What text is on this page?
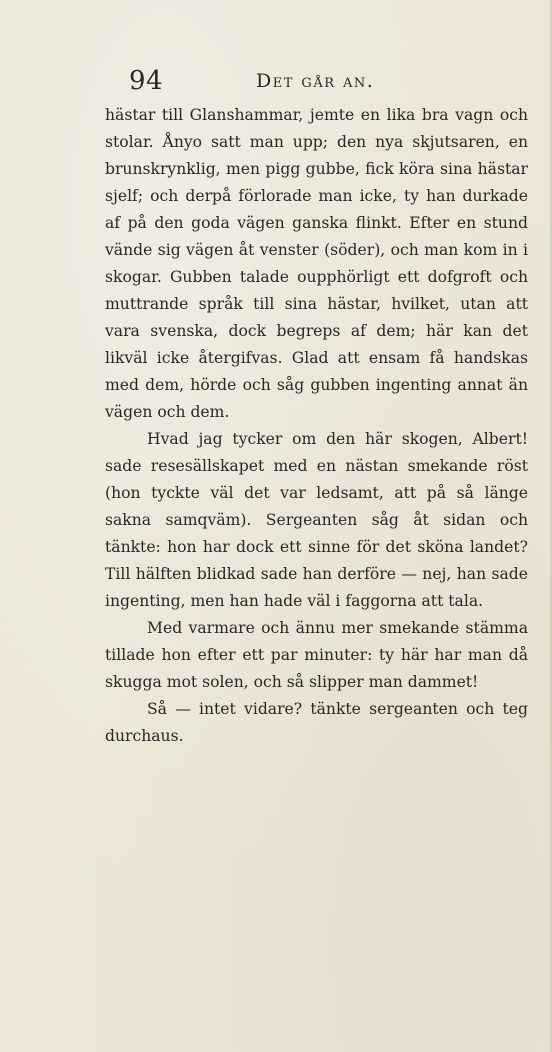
94	Det går an.

hästar till Glanshammar, jemte en lika bra vagn och stolar. Ånyo satt man upp; den nya skjutsaren, en brunskrynklig, men pigg gubbe, fick köra sina hästar sjelf; och derpå förlorade man icke, ty han durkade af på den goda vägen ganska flinkt. Efter en stund vände sig vägen åt venster (söder), och man kom in i skogar. Gubben talade oupphörligt ett dofgroft och muttrande språk till sina hästar, hvilket, utan att vara svenska, dock begreps af dem; här kan det likväl icke återgifvas. Glad att ensam få handskas med dem, hörde och såg gubben ingenting annat än vägen och dem.

Hvad jag tycker om den här skogen, Albert! sade resesällskapet med en nästan smekande röst (hon tyckte väl det var ledsamt, att på så länge sakna samqväm). Sergeanten såg åt sidan och tänkte: hon har dock ett sinne för det sköna landet? Till hälften blidkad sade han derföre — nej, han sade ingenting, men han hade väl i faggorna att tala.

Med varmare och ännu mer smekande stämma tillade hon efter ett par minuter: ty här har man då skugga mot solen, och så slipper man dammet!

Så — intet vidare? tänkte sergeanten och teg durchaus.
